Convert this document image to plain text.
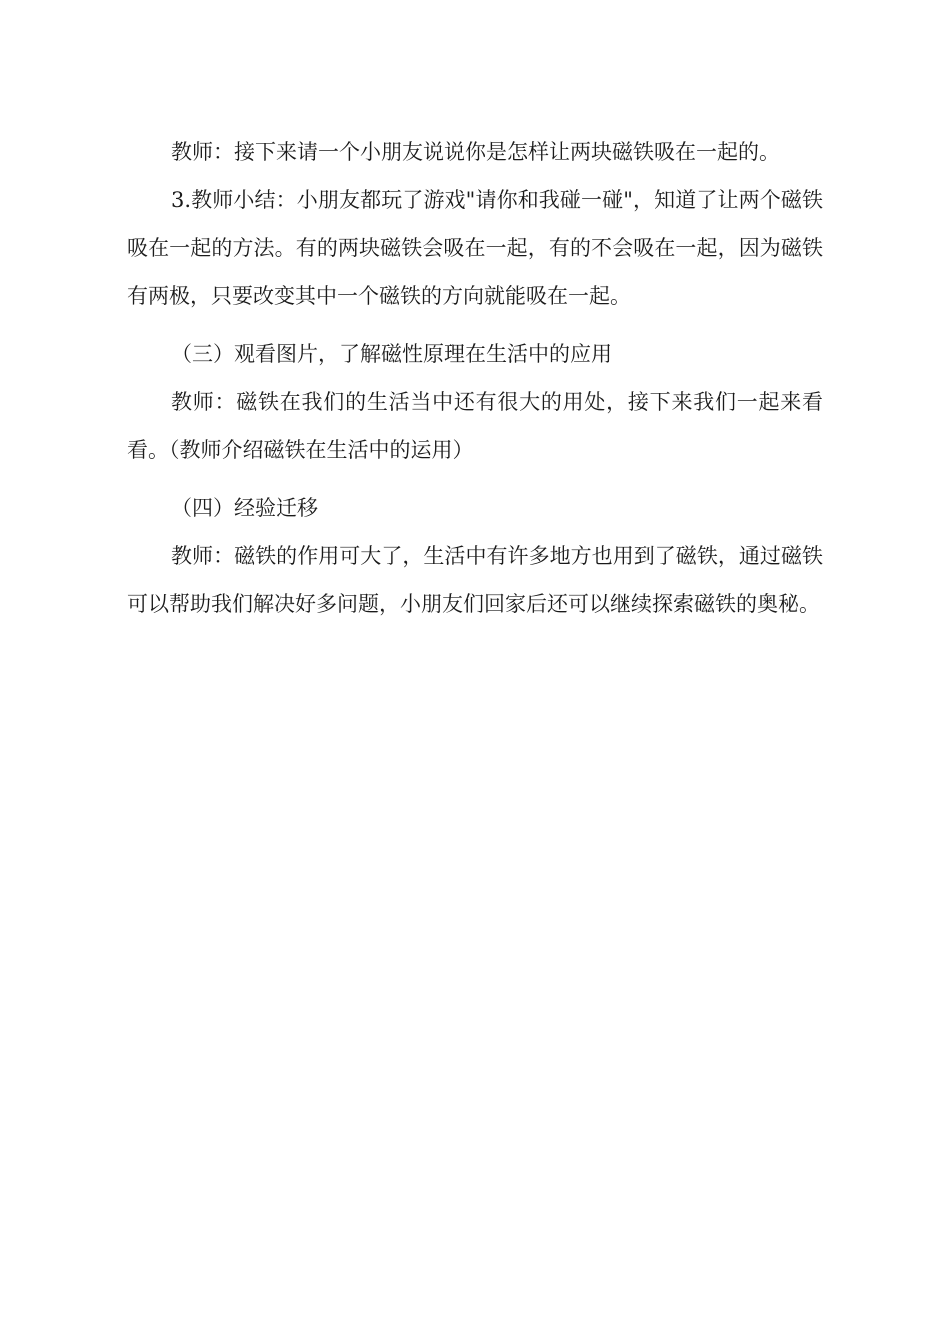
教师：接下来请一个小朋友说说你是怎样让两块磁铁吸在一起的。

3.教师小结：小朋友都玩了游戏"请你和我碰一碰"，知道了让两个磁铁吸在一起的方法。有的两块磁铁会吸在一起，有的不会吸在一起，因为磁铁有两极，只要改变其中一个磁铁的方向就能吸在一起。

（三）观看图片，了解磁性原理在生活中的应用

教师：磁铁在我们的生活当中还有很大的用处，接下来我们一起来看看。（教师介绍磁铁在生活中的运用）

（四）经验迁移

教师：磁铁的作用可大了，生活中有许多地方也用到了磁铁，通过磁铁可以帮助我们解决好多问题，小朋友们回家后还可以继续探索磁铁的奥秘。
